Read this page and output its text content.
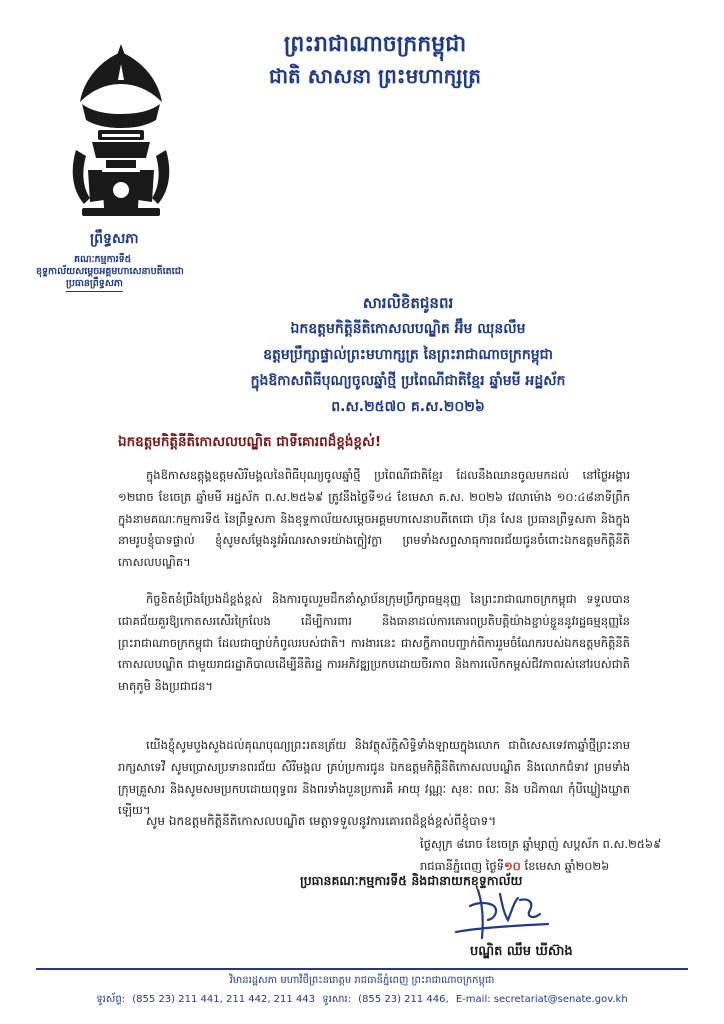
ព្រះរាជាណាចក្រកម្ពុជា
ជាតិ សាសនា ព្រះមហាក្សត្រ
ព្រឹទ្ធសភា
គណៈកម្មការទី៥
ខុទ្ទកាល័យសម្តេចអគ្គមហាសេនាបតីតេជោ
ប្រធានព្រឹទ្ធសភា
សារលិខិតជូនពរ
ឯកឧត្តមកិត្តិនីតិកោសលបណ្ឌិត អ៊ឹម ឈុនលឹម
ឧត្តមប្រឹក្សាផ្ទាល់ព្រះមហាក្សត្រ នៃព្រះរាជាណាចក្រកម្ពុជា
ក្នុងឱកាសពិធីបុណ្យចូលឆ្នាំថ្មី ប្រពៃណីជាតិខ្មែរ ឆ្នាំមមី អដ្ឋស័ក
ព.ស.២៥៧០ គ.ស.២០២៦
ឯកឧត្តមកិត្តិនីតិកោសលបណ្ឌិត ជាទីគោរពដ៏ខ្ពង់ខ្ពស់!
ក្នុងឱកាសឧត្តុង្គឧត្តមសិរីមង្គលនៃពិធីបុណ្យចូលឆ្នាំថ្មី ប្រពៃណីជាតិខ្មែរ ដែលនឹងឈានចូលមកដល់ នៅថ្ងៃអង្គារ ១២រោច ខែចេត្រ ឆ្នាំមមី អដ្ឋស័ក ព.ស.២៥៦៩ ត្រូវនឹងថ្ងៃទី១៤ ខែមេសា គ.ស. ២០២៦ វេលាម៉ោង ១០:៤៨នាទីព្រឹក ក្នុងនាមគណៈកម្មការទី៥ នៃព្រឹទ្ធសភា និងខុទ្ទកាល័យសម្តេចអគ្គមហាសេនាបតីតេជោ ហ៊ុន សែន ប្រធានព្រឹទ្ធសភា និងក្នុងនាមរូបខ្ញុំបាទផ្ទាល់ ខ្ញុំសូមសម្តែងនូវអំណរសាទរយ៉ាងក្លៀវក្លា ព្រមទាំងសព្ទសាធុការពរជ័យជូនចំពោះឯកឧត្តមកិត្តិនីតិកោសលបណ្ឌិត។
កិច្ចខិតខំប្រឹងប្រែងដ៏ខ្ពង់ខ្ពស់ និងការចូលរួមដឹកនាំស្ថាប័នក្រុមប្រឹក្សាធម្មនុញ្ញ នៃព្រះរាជាណាចក្រកម្ពុជា ទទួលបានជោគជ័យគួរឱ្យកោតសរសើរក្រៃលែង ដើម្បីការពារ និងធានាដល់ការគោរពប្រតិបត្តិយ៉ាងខ្ជាប់ខ្ជួននូវរដ្ឋធម្មនុញ្ញនៃព្រះរាជាណាចក្រកម្ពុជា ដែលជាច្បាប់កំពូលរបស់ជាតិ។ ការងារនេះ ជាសក្ខីភាពបញ្ជាក់ពីការរួមចំណែករបស់ឯកឧត្តមកិត្តិនីតិកោសលបណ្ឌិត ជាមួយរាជរដ្ឋាភិបាលដើម្បីនីតិរដ្ឋ ការអភិវឌ្ឍប្រកបដោយចីរភាព និងការលើកកម្ពស់ជីវភាពរស់នៅរបស់ជាតិ មាតុភូមិ និងប្រជាជន។
យើងខ្ញុំសូមបួងសួងដល់គុណបុណ្យព្រះរតនត្រ័យ និងវត្ថុស័ក្តិសិទ្ធិទាំងឡាយក្នុងលោក ជាពិសេសទេវតាឆ្នាំថ្មីព្រះនាម រាក្សសាទេវី សូមប្រោសប្រទានពរជ័យ សិរីមង្គល គ្រប់ប្រការជូន ឯកឧត្តមកិត្តិនីតិកោសលបណ្ឌិត និងលោកជំទាវ ព្រមទាំងក្រុមគ្រួសារ និងសូមសមប្រកបដោយពុទ្ធពរ និងពរទាំងបួនប្រការគឺ អាយុ វណ្ណៈ សុខៈ ពលៈ និង បដិភាណ កុំបីឃ្លៀងឃ្លាតឡើយ។
សូម ឯកឧត្តមកិត្តិនីតិកោសលបណ្ឌិត មេត្តាទទួលនូវការគោរពដ៏ខ្ពង់ខ្ពស់ពីខ្ញុំបាទ។
ថ្ងៃសុក្រ ៨រោច ខែចេត្រ ឆ្នាំម្សាញ់ សប្តស័ក ព.ស.២៥៦៩
រាជធានីភ្នំពេញ ថ្ងៃទី១០ ខែមេសា ឆ្នាំ២០២៦
ប្រធានគណៈកម្មការទី៥ និងជានាយកខុទ្ទកាល័យ
បណ្ឌិត ឈឹម ឃីស៊ាង
វិមានរដ្ឋសភា មហាវិថីព្រះនរោត្តម រាជធានីភ្នំពេញ ព្រះរាជាណាចក្រកម្ពុជា
ទូរស័ព្ទ: (855 23) 211 441, 211 442, 211 443 ទូរសារ: (855 23) 211 446, E-mail: secretariat@senate.gov.kh
